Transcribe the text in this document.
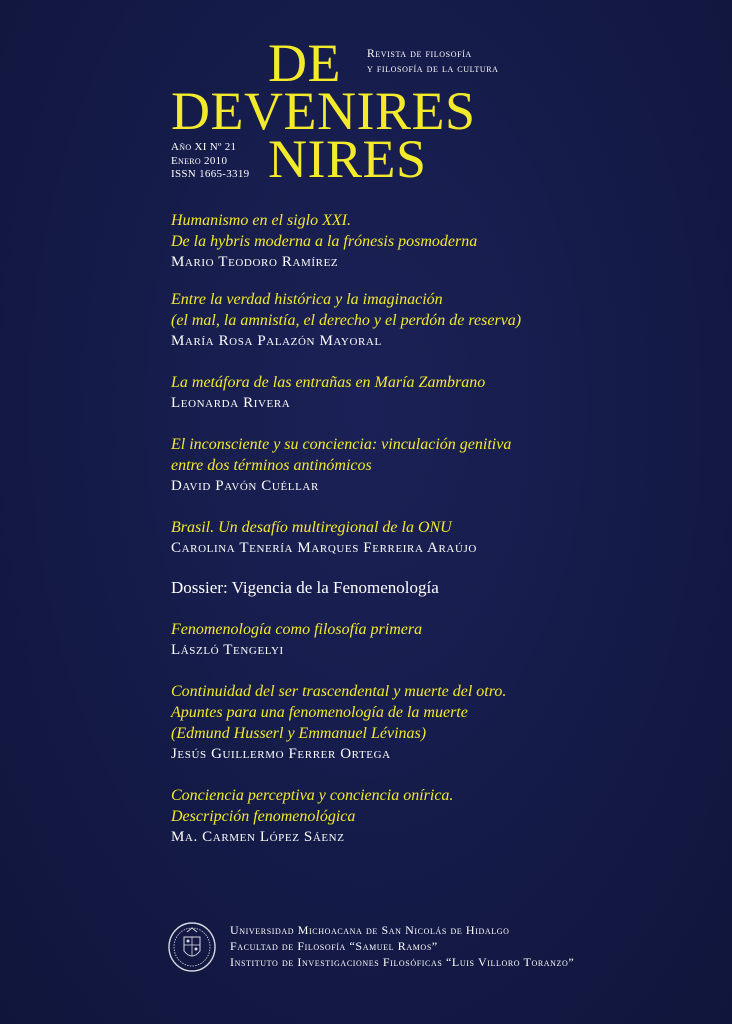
DE
DEVENIRES
NIRES
Revista de filosofía
y filosofía de la cultura
Año XI Nº 21
Enero 2010
ISSN 1665-3319
Humanismo en el siglo XXI.
De la hybris moderna a la frónesis posmoderna
Mario Teodoro Ramírez
Entre la verdad histórica y la imaginación
(el mal, la amnistía, el derecho y el perdón de reserva)
María Rosa Palazón Mayoral
La metáfora de las entrañas en María Zambrano
Leonarda Rivera
El inconsciente y su conciencia: vinculación genitiva
entre dos términos antinómicos
David Pavón Cuéllar
Brasil. Un desafío multiregional de la ONU
Carolina Tenería Marques Ferreira Araújo
Dossier: Vigencia de la Fenomenología
Fenomenología como filosofía primera
László Tengelyi
Continuidad del ser trascendental y muerte del otro.
Apuntes para una fenomenología de la muerte
(Edmund Husserl y Emmanuel Lévinas)
Jesús Guillermo Ferrer Ortega
Conciencia perceptiva y conciencia onírica.
Descripción fenomenológica
Ma. Carmen López Sáenz
Universidad Michoacana de San Nicolás de Hidalgo
Facultad de Filosofía “Samuel Ramos”
Instituto de Investigaciones Filosóficas “Luis Villoro Toranzo”
